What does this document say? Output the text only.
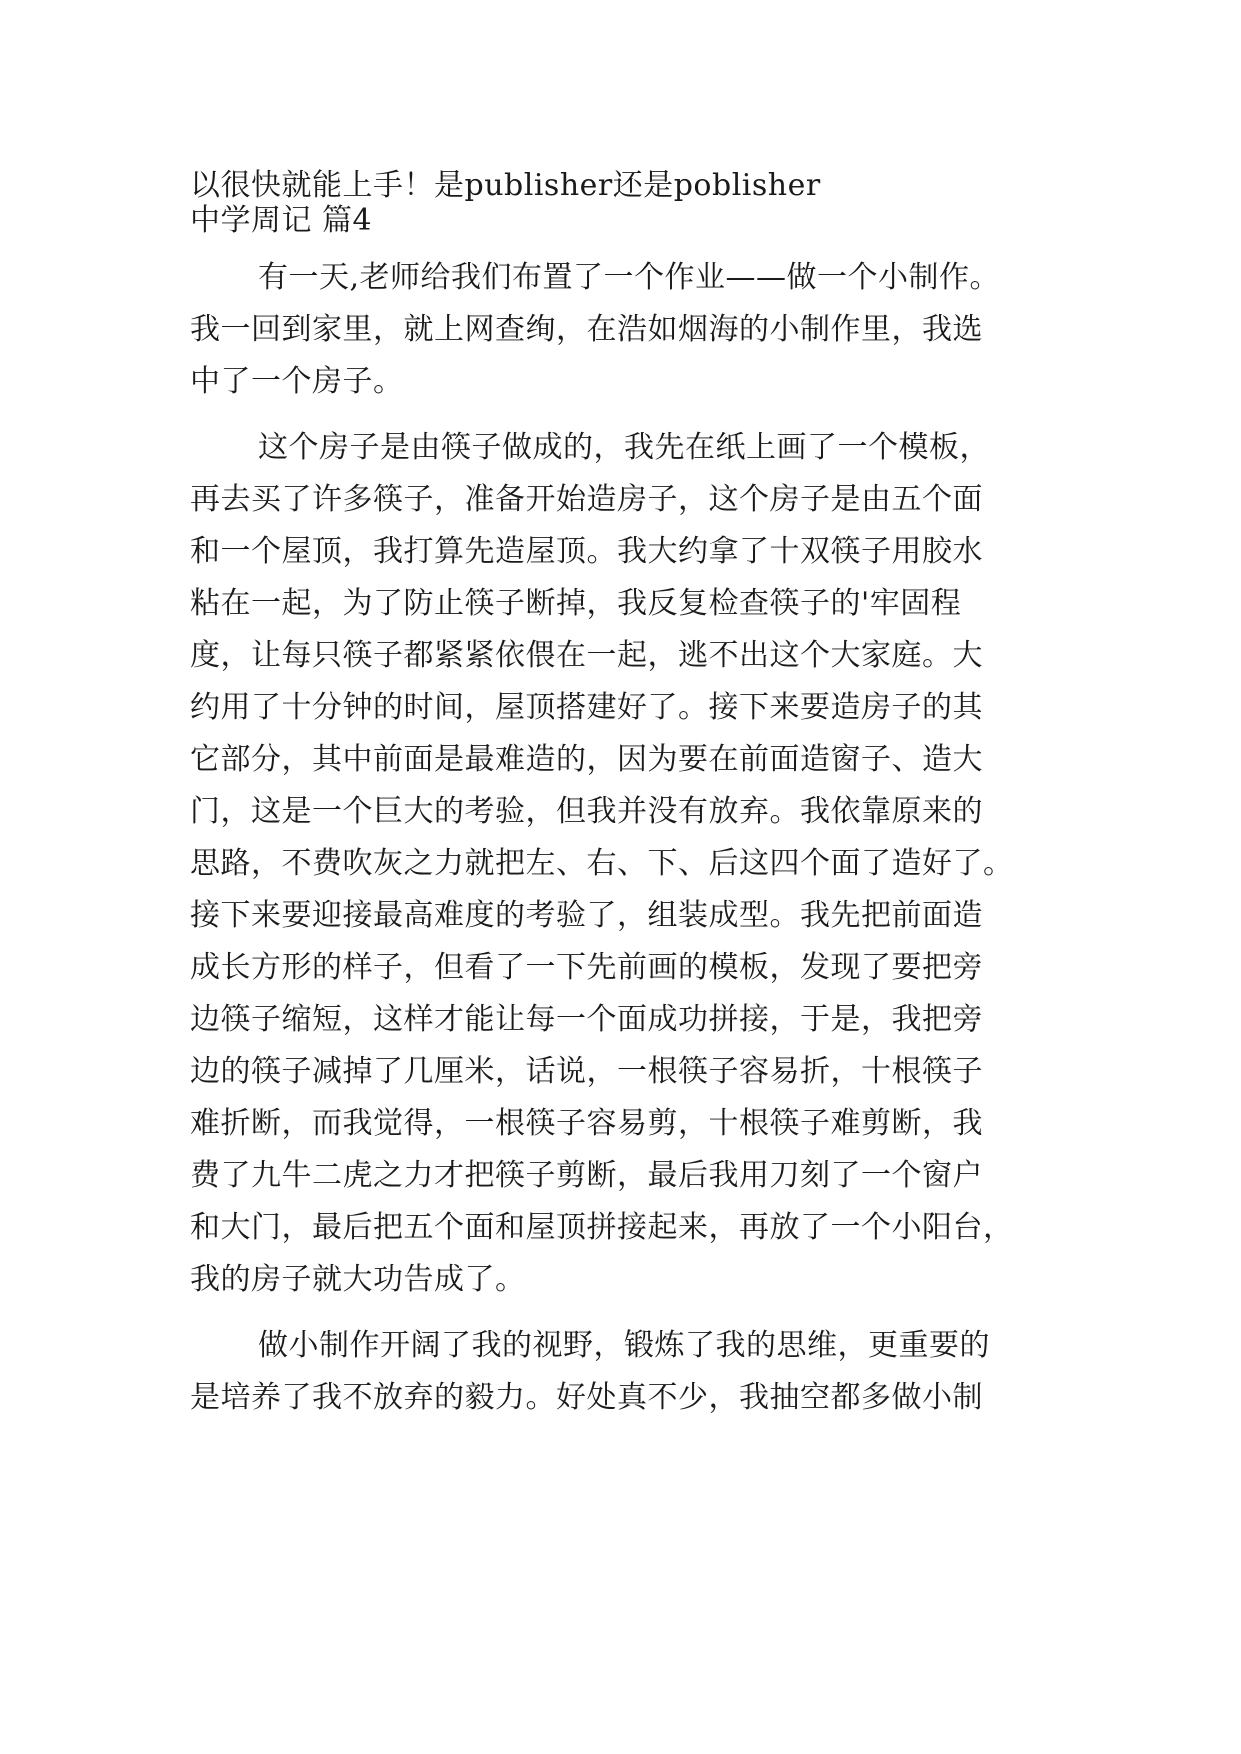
以很快就能上手！是publisher还是poblisher
中学周记 篇4
有一天,老师给我们布置了一个作业——做一个小制作。
我一回到家里，就上网查绚，在浩如烟海的小制作里，我选
中了一个房子。
这个房子是由筷子做成的，我先在纸上画了一个模板，
再去买了许多筷子，准备开始造房子，这个房子是由五个面
和一个屋顶，我打算先造屋顶。我大约拿了十双筷子用胶水
粘在一起，为了防止筷子断掉，我反复检查筷子的'牢固程
度，让每只筷子都紧紧依偎在一起，逃不出这个大家庭。大
约用了十分钟的时间，屋顶搭建好了。接下来要造房子的其
它部分，其中前面是最难造的，因为要在前面造窗子、造大
门，这是一个巨大的考验，但我并没有放弃。我依靠原来的
思路，不费吹灰之力就把左、右、下、后这四个面了造好了。
接下来要迎接最高难度的考验了，组装成型。我先把前面造
成长方形的样子，但看了一下先前画的模板，发现了要把旁
边筷子缩短，这样才能让每一个面成功拼接，于是，我把旁
边的筷子减掉了几厘米，话说，一根筷子容易折，十根筷子
难折断，而我觉得，一根筷子容易剪，十根筷子难剪断，我
费了九牛二虎之力才把筷子剪断，最后我用刀刻了一个窗户
和大门，最后把五个面和屋顶拼接起来，再放了一个小阳台，
我的房子就大功告成了。
做小制作开阔了我的视野，锻炼了我的思维，更重要的
是培养了我不放弃的毅力。好处真不少，我抽空都多做小制
